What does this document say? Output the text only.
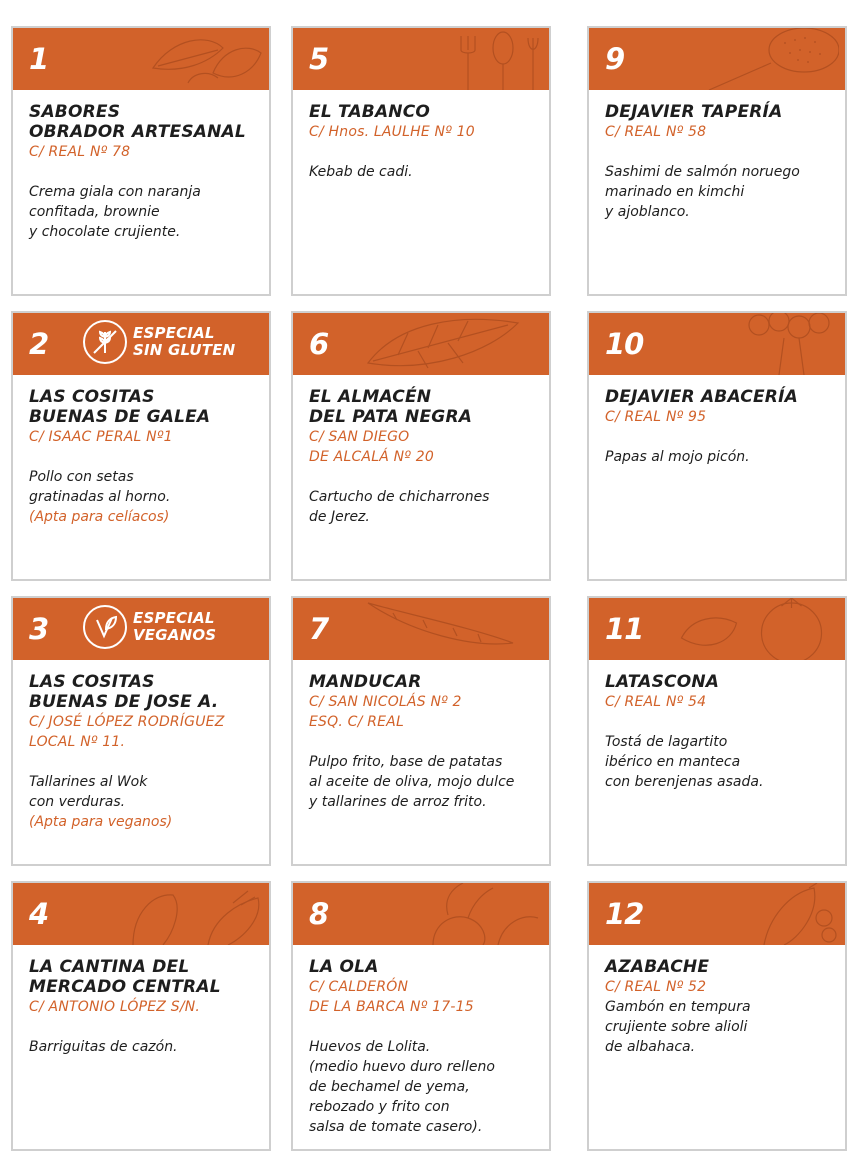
1
SABORES
OBRADOR ARTESANAL
C/ REAL Nº 78
Crema giala con naranja
confitada, brownie
y chocolate crujiente.
2	ESPECIAL
SIN GLUTEN
LAS COSITAS
BUENAS DE GALEA
C/ ISAAC PERAL Nº1
Pollo con setas
gratinadas al horno.
(Apta para celíacos)
3	ESPECIAL
VEGANOS
LAS COSITAS
BUENAS DE JOSE A.
C/ JOSÉ LÓPEZ RODRÍGUEZ
LOCAL Nº 11.
Tallarines al Wok
con verduras.
(Apta para veganos)
4
LA CANTINA DEL
MERCADO CENTRAL
C/ ANTONIO LÓPEZ S/N.
Barriguitas de cazón.
5
EL TABANCO
C/ Hnos. LAULHE Nº 10
Kebab de cadi.
6
EL ALMACÉN
DEL PATA NEGRA
C/ SAN DIEGO
DE ALCALÁ Nº 20
Cartucho de chicharrones
de Jerez.
7
MANDUCAR
C/ SAN NICOLÁS Nº 2
ESQ. C/ REAL
Pulpo frito, base de patatas
al aceite de oliva, mojo dulce
y tallarines de arroz frito.
8
LA OLA
C/ CALDERÓN
DE LA BARCA Nº 17-15
Huevos de Lolita.
(medio huevo duro relleno
de bechamel de yema,
rebozado y frito con
salsa de tomate casero).
9
DEJAVIER TAPERÍA
C/ REAL Nº 58
Sashimi de salmón noruego
marinado en kimchi
y ajoblanco.
10
DEJAVIER ABACERÍA
C/ REAL Nº 95
Papas al mojo picón.
11
LATASCONA
C/ REAL Nº 54
Tostá de lagartito
ibérico en manteca
con berenjenas asada.
12
AZABACHE
C/ REAL Nº 52
Gambón en tempura
crujiente sobre alioli
de albahaca.
